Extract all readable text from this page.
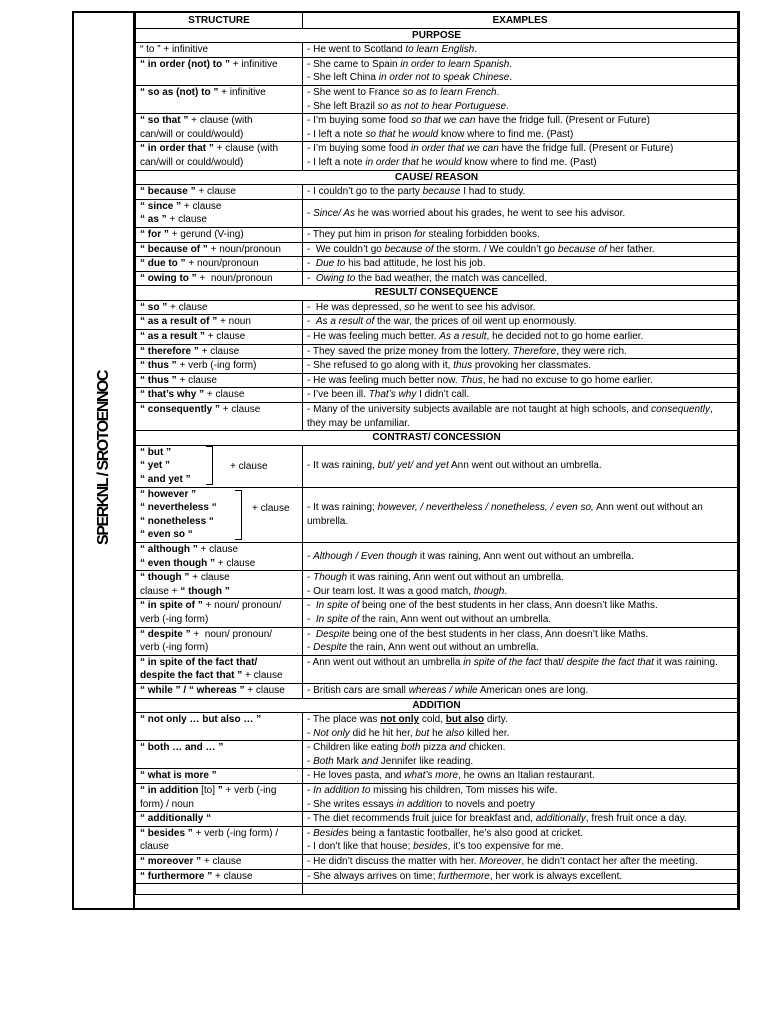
SPERKNL / SROTOENNOC
STRUCTURE	EXAMPLES
PURPOSE	

“ to ” + infinitive	- He went to Scotland to learn English.

“ in order (not) to ” + infinitive	- She came to Spain in order to learn Spanish.
- She left China in order not to speak Chinese.

“ so as (not) to ” + infinitive	- She went to France so as to learn French.
- She left Brazil so as not to hear Portuguese.

“ so that ” + clause (with
can/will or could/would)	- I’m buying some food so that we can have the fridge full. (Present or Future)
- I left a note so that he would know where to find me. (Past)

“ in order that ” + clause (with
can/will or could/would)	- I’m buying some food in order that we can have the fridge full. (Present or Future)
- I left a note in order that he would know where to find me. (Past)

CAUSE/ REASON	

“ because ” + clause	- I couldn’t go to the party because I had to study.

“ since ” + clause
“ as ” + clause	- Since/ As he was worried about his grades, he went to see his advisor.

“ for ” + gerund (V-ing)	- They put him in prison for stealing forbidden books.

“ because of ” + noun/pronoun	-  We couldn’t go because of the storm. / We couldn’t go because of her father.

“ due to ” + noun/pronoun	-  Due to his bad attitude, he lost his job.

“ owing to ” +  noun/pronoun	-  Owing to the bad weather, the match was cancelled.

RESULT/ CONSEQUENCE	

“ so ” + clause	-  He was depressed, so he went to see his advisor.

“ as a result of ” + noun	-  As a result of the war, the prices of oil went up enormously.

“ as a result ” + clause	- He was feeling much better. As a result, he decided not to go home earlier.

“ therefore ” + clause	- They saved the prize money from the lottery. Therefore, they were rich.

“ thus ” + verb (-ing form)	- She refused to go along with it, thus provoking her classmates.

“ thus ” + clause	- He was feeling much better now. Thus, he had no excuse to go home earlier.

“ that’s why ” + clause	- I’ve been ill. That’s why I didn’t call.

“ consequently ” + clause	- Many of the university subjects available are not taught at high schools, and consequently, they may be unfamiliar.

CONTRAST/ CONCESSION	

“ but ”
“ yet ”
“ and yet ”
+ clause	- It was raining, but/ yet/ and yet Ann went out without an umbrella.

“ however ”
“ nevertheless “
“ nonetheless “
“ even so “
+ clause	- It was raining; however, / nevertheless / nonetheless, / even so, Ann went out without an umbrella.

“ although ” + clause
“ even though ” + clause	- Although / Even though it was raining, Ann went out without an umbrella.

“ though ” + clause
clause + “ though ”	- Though it was raining, Ann went out without an umbrella.
- Our team lost. It was a good match, though.

“ in spite of ” + noun/ pronoun/
verb (-ing form)	-  In spite of being one of the best students in her class, Ann doesn’t like Maths.
-  In spite of the rain, Ann went out without an umbrella.

“ despite ” +  noun/ pronoun/
verb (-ing form)	-  Despite being one of the best students in her class, Ann doesn’t like Maths.
- Despite the rain, Ann went out without an umbrella.

“ in spite of the fact that/
despite the fact that ” + clause	- Ann went out without an umbrella in spite of the fact that/ despite the fact that it was raining.

“ while ” / “ whereas ” + clause	- British cars are small whereas / while American ones are long.

ADDITION	

“ not only … but also … ”	- The place was not only cold, but also dirty.
- Not only did he hit her, but he also killed her.

“ both … and … ”	- Children like eating both pizza and chicken.
- Both Mark and Jennifer like reading.

“ what is more ”	- He loves pasta, and what’s more, he owns an Italian restaurant.

“ in addition [to] ” + verb (-ing
form) / noun	- In addition to missing his children, Tom misses his wife.
- She writes essays in addition to novels and poetry

“ additionally “	- The diet recommends fruit juice for breakfast and, additionally, fresh fruit once a day.

“ besides ” + verb (-ing form) /
clause	- Besides being a fantastic footballer, he’s also good at cricket.
- I don’t like that house; besides, it’s too expensive for me.

“ moreover ” + clause	- He didn’t discuss the matter with her. Moreover, he didn’t contact her after the meeting.

“ furthermore ” + clause	- She always arrives on time; furthermore, her work is always excellent.
